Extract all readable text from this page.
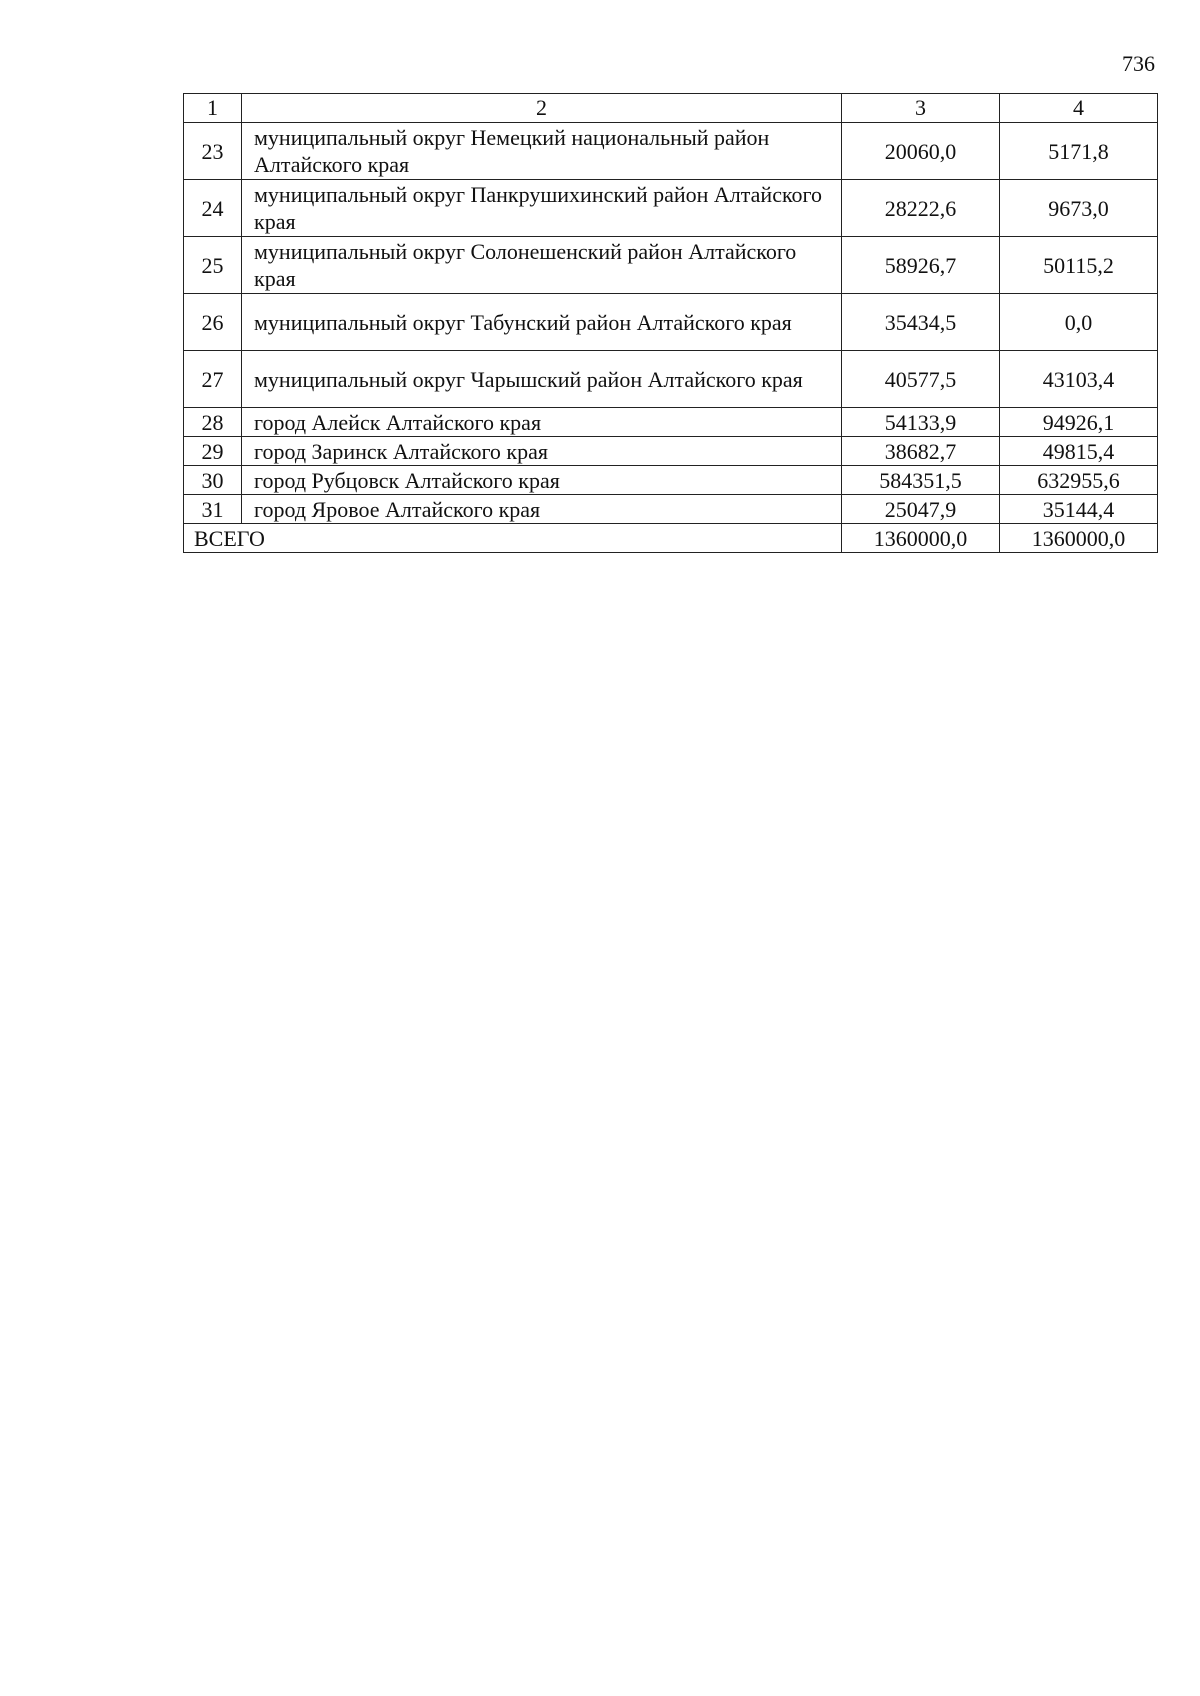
736
1	2	3	4
23	муниципальный округ Немецкий национальный район Алтайского края	20060,0	5171,8
24	муниципальный округ Панкрушихинский район Алтайского края	28222,6	9673,0
25	муниципальный округ Солонешенский район Алтайского края	58926,7	50115,2
26	муниципальный округ Табунский район Алтайского края	35434,5	0,0
27	муниципальный округ Чарышский район Алтайского края	40577,5	43103,4
28	город Алейск Алтайского края	54133,9	94926,1
29	город Заринск Алтайского края	38682,7	49815,4
30	город Рубцовск Алтайского края	584351,5	632955,6
31	город Яровое Алтайского края	25047,9	35144,4
ВСЕГО		1360000,0	1360000,0
